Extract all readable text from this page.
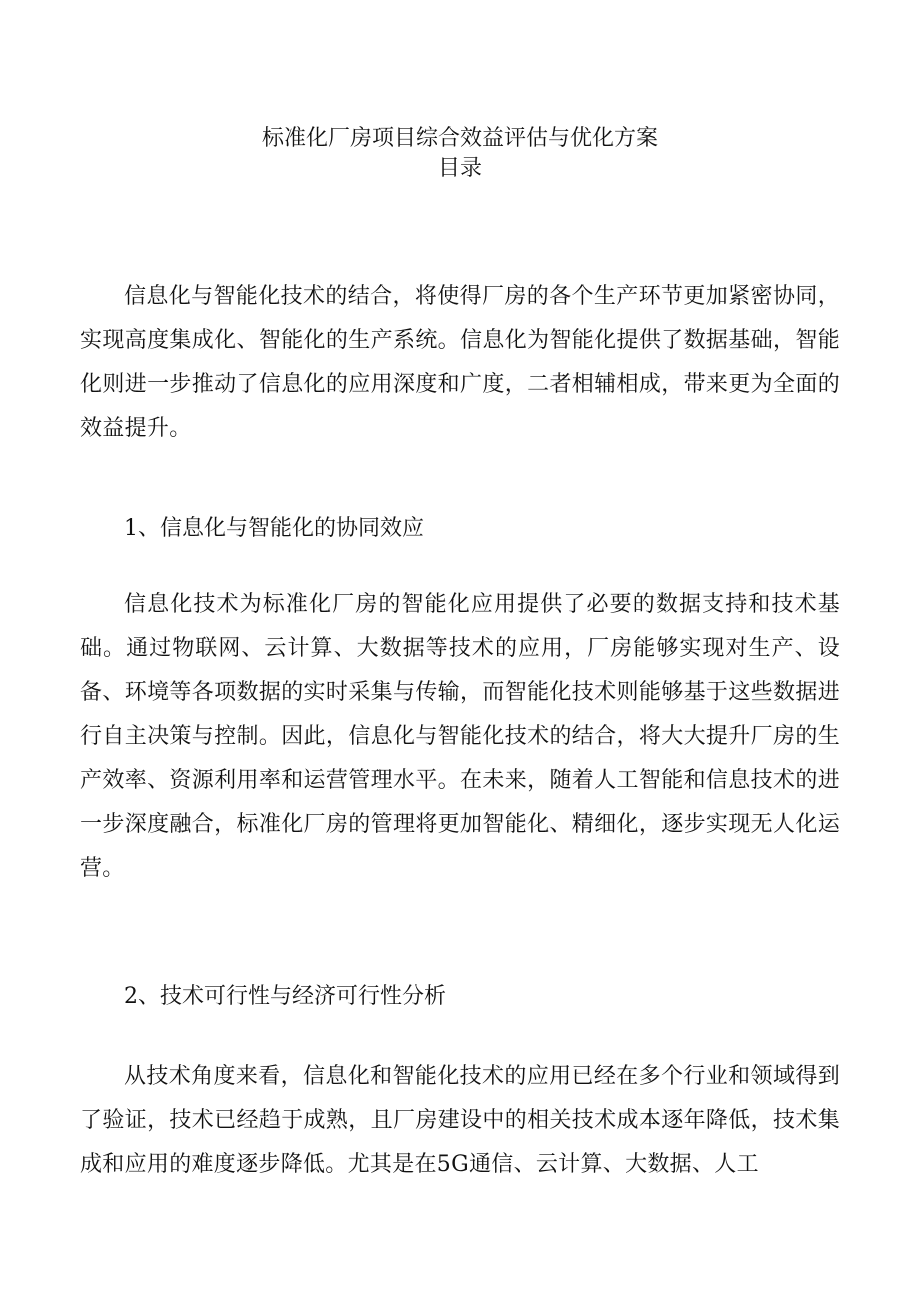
标准化厂房项目综合效益评估与优化方案
目录
信息化与智能化技术的结合，将使得厂房的各个生产环节更加紧密协同，实现高度集成化、智能化的生产系统。信息化为智能化提供了数据基础，智能化则进一步推动了信息化的应用深度和广度，二者相辅相成，带来更为全面的效益提升。
1、信息化与智能化的协同效应
信息化技术为标准化厂房的智能化应用提供了必要的数据支持和技术基础。通过物联网、云计算、大数据等技术的应用，厂房能够实现对生产、设备、环境等各项数据的实时采集与传输，而智能化技术则能够基于这些数据进行自主决策与控制。因此，信息化与智能化技术的结合，将大大提升厂房的生产效率、资源利用率和运营管理水平。在未来，随着人工智能和信息技术的进一步深度融合，标准化厂房的管理将更加智能化、精细化，逐步实现无人化运营。
2、技术可行性与经济可行性分析
从技术角度来看，信息化和智能化技术的应用已经在多个行业和领域得到了验证，技术已经趋于成熟，且厂房建设中的相关技术成本逐年降低，技术集成和应用的难度逐步降低。尤其是在5G通信、云计算、大数据、人工
